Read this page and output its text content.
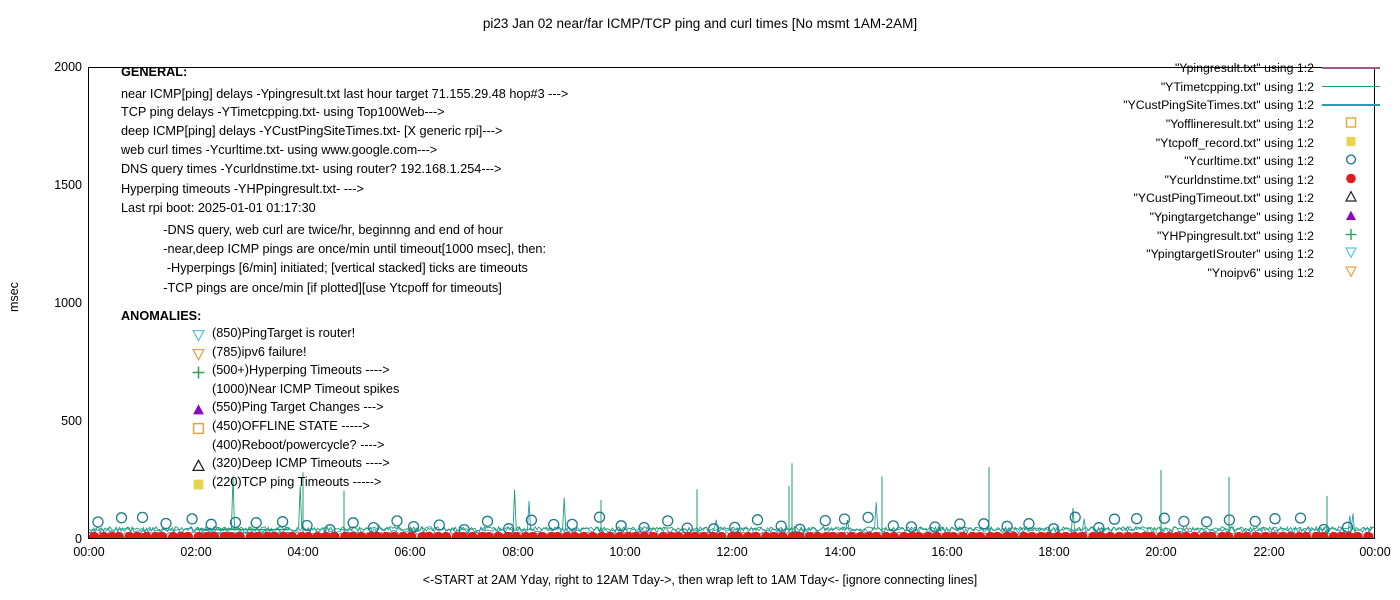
pi23 Jan 02 near/far ICMP/TCP ping and curl times [No msmt 1AM-2AM]
msec
2000
1500
1000
500
0
00:00	02:00	04:00	06:00	08:00	10:00	12:00	14:00	16:00	18:00	20:00	22:00	00:00
<-START at 2AM Yday, right to 12AM Tday->, then wrap left to 1AM Tday<- [ignore connecting lines]
GENERAL:
near ICMP[ping] delays -Ypingresult.txt last hour target 71.155.29.48 hop#3 --->
TCP ping delays -YTimetcpping.txt- using Top100Web--->
deep ICMP[ping] delays -YCustPingSiteTimes.txt- [X generic rpi]--->
web curl times -Ycurltime.txt- using www.google.com--->
DNS query times -Ycurldnstime.txt- using router? 192.168.1.254--->
Hyperping timeouts -YHPpingresult.txt- --->
Last rpi boot: 2025-01-01 01:17:30
-DNS query, web curl are twice/hr, beginnng and end of hour
-near,deep ICMP pings are once/min until timeout[1000 msec], then:
-Hyperpings [6/min] initiated; [vertical stacked] ticks are timeouts
-TCP pings are once/min [if plotted][use Ytcpoff for timeouts]
ANOMALIES:
(850)PingTarget is router!
(785)ipv6 failure!
(500+)Hyperping Timeouts ---->
(1000)Near ICMP Timeout spikes
(550)Ping Target Changes --->
(450)OFFLINE STATE ----->
(400)Reboot/powercycle? ---->
(320)Deep ICMP Timeouts ---->
(220)TCP ping Timeouts ----->
"Ypingresult.txt" using 1:2
"YTimetcpping.txt" using 1:2
"YCustPingSiteTimes.txt" using 1:2
"Yofflineresult.txt" using 1:2
"Ytcpoff_record.txt" using 1:2
"Ycurltime.txt" using 1:2
"Ycurldnstime.txt" using 1:2
"YCustPingTimeout.txt" using 1:2
"Ypingtargetchange" using 1:2
"YHPpingresult.txt" using 1:2
"YpingtargetISrouter" using 1:2
"Ynoipv6" using 1:2
